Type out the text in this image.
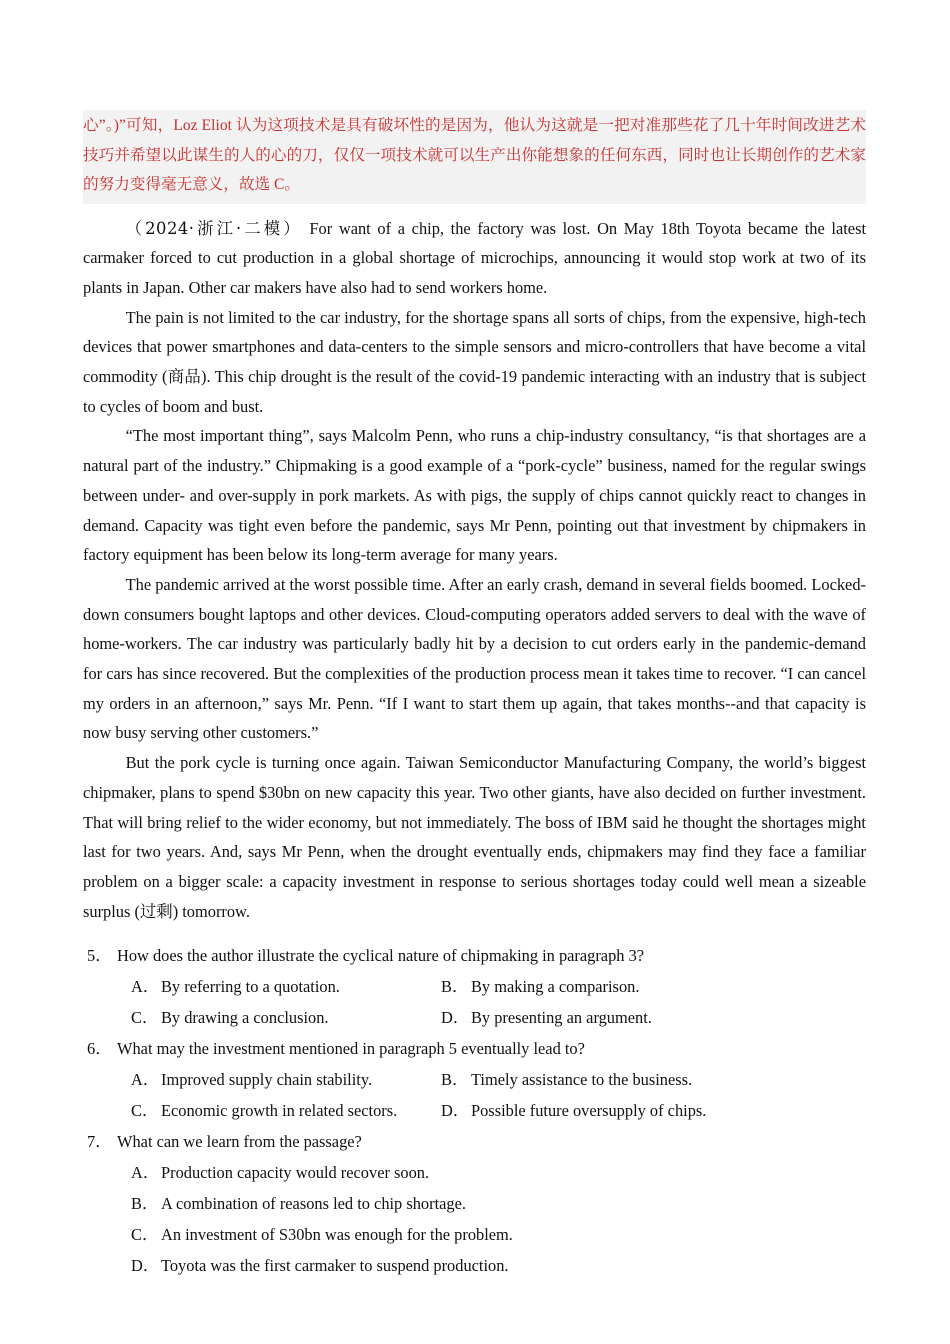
心”。)”可知，Loz Eliot 认为这项技术是具有破坏性的是因为，他认为这就是一把对准那些花了几十年时间改进艺术技巧并希望以此谋生的人的心的刀，仅仅一项技术就可以生产出你能想象的任何东西，同时也让长期创作的艺术家的努力变得毫无意义，故选 C。

（2024·浙江·二模） For want of a chip, the factory was lost. On May 18th Toyota became the latest carmaker forced to cut production in a global shortage of microchips, announcing it would stop work at two of its plants in Japan. Other car makers have also had to send workers home.

The pain is not limited to the car industry, for the shortage spans all sorts of chips, from the expensive, high-tech devices that power smartphones and data-centers to the simple sensors and micro-controllers that have become a vital commodity (商品). This chip drought is the result of the covid-19 pandemic interacting with an industry that is subject to cycles of boom and bust.

“The most important thing”, says Malcolm Penn, who runs a chip-industry consultancy, “is that shortages are a natural part of the industry.” Chipmaking is a good example of a “pork-cycle” business, named for the regular swings between under- and over-supply in pork markets. As with pigs, the supply of chips cannot quickly react to changes in demand. Capacity was tight even before the pandemic, says Mr Penn, pointing out that investment by chipmakers in factory equipment has been below its long-term average for many years.

The pandemic arrived at the worst possible time. After an early crash, demand in several fields boomed. Locked-down consumers bought laptops and other devices. Cloud-computing operators added servers to deal with the wave of home-workers. The car industry was particularly badly hit by a decision to cut orders early in the pandemic-demand for cars has since recovered. But the complexities of the production process mean it takes time to recover. “I can cancel my orders in an afternoon,” says Mr. Penn. “If I want to start them up again, that takes months--and that capacity is now busy serving other customers.”

But the pork cycle is turning once again. Taiwan Semiconductor Manufacturing Company, the world’s biggest chipmaker, plans to spend $30bn on new capacity this year. Two other giants, have also decided on further investment. That will bring relief to the wider economy, but not immediately. The boss of IBM said he thought the shortages might last for two years. And, says Mr Penn, when the drought eventually ends, chipmakers may find they face a familiar problem on a bigger scale: a capacity investment in response to serious shortages today could well mean a sizeable surplus (过剩) tomorrow.

5． How does the author illustrate the cyclical nature of chipmaking in paragraph 3?
A． By referring to a quotation.	B． By making a comparison.
C． By drawing a conclusion.	D． By presenting an argument.
6． What may the investment mentioned in paragraph 5 eventually lead to?
A． Improved supply chain stability.	B． Timely assistance to the business.
C． Economic growth in related sectors.	D． Possible future oversupply of chips.
7． What can we learn from the passage?
A． Production capacity would recover soon.
B． A combination of reasons led to chip shortage.
C． An investment of S30bn was enough for the problem.
D． Toyota was the first carmaker to suspend production.
